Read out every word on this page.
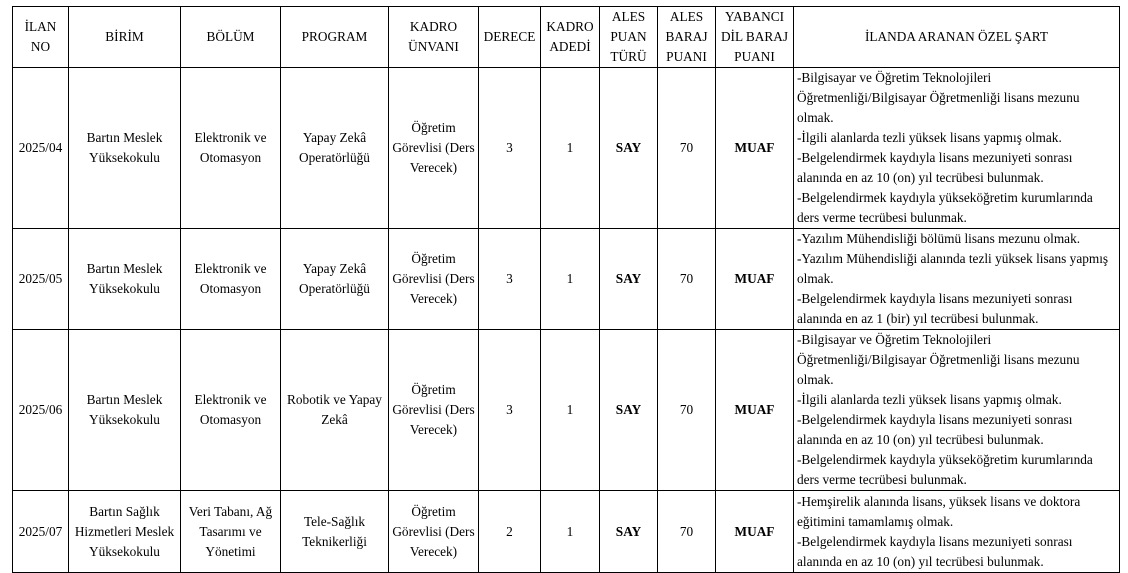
İLAN NO	BİRİM	BÖLÜM	PROGRAM	KADRO ÜNVANI	DERECE	KADRO ADEDİ	ALES PUAN TÜRÜ	ALES BARAJ PUANI	YABANCI DİL BARAJ PUANI	İLANDA ARANAN ÖZEL ŞART
2025/04	Bartın Meslek Yüksekokulu	Elektronik ve Otomasyon	Yapay Zekâ Operatörlüğü	Öğretim Görevlisi (Ders Verecek)	3	1	SAY	70	MUAF	-Bilgisayar ve Öğretim Teknolojileri Öğretmenliği/Bilgisayar Öğretmenliği lisans mezunu olmak.
-İlgili alanlarda tezli yüksek lisans yapmış olmak.
-Belgelendirmek kaydıyla lisans mezuniyeti sonrası alanında en az 10 (on) yıl tecrübesi bulunmak.
-Belgelendirmek kaydıyla yükseköğretim kurumlarında ders verme tecrübesi bulunmak.

2025/05	Bartın Meslek Yüksekokulu	Elektronik ve Otomasyon	Yapay Zekâ Operatörlüğü	Öğretim Görevlisi (Ders Verecek)	3	1	SAY	70	MUAF	-Yazılım Mühendisliği bölümü lisans mezunu olmak.
-Yazılım Mühendisliği alanında tezli yüksek lisans yapmış olmak.
-Belgelendirmek kaydıyla lisans mezuniyeti sonrası alanında en az 1 (bir) yıl tecrübesi bulunmak.

2025/06	Bartın Meslek Yüksekokulu	Elektronik ve Otomasyon	Robotik ve Yapay Zekâ	Öğretim Görevlisi (Ders Verecek)	3	1	SAY	70	MUAF	-Bilgisayar ve Öğretim Teknolojileri Öğretmenliği/Bilgisayar Öğretmenliği lisans mezunu olmak.
-İlgili alanlarda tezli yüksek lisans yapmış olmak.
-Belgelendirmek kaydıyla lisans mezuniyeti sonrası alanında en az 10 (on) yıl tecrübesi bulunmak.
-Belgelendirmek kaydıyla yükseköğretim kurumlarında ders verme tecrübesi bulunmak.

2025/07	Bartın Sağlık Hizmetleri Meslek Yüksekokulu	Veri Tabanı, Ağ Tasarımı ve Yönetimi	Tele-Sağlık Teknikerliği	Öğretim Görevlisi (Ders Verecek)	2	1	SAY	70	MUAF	-Hemşirelik alanında lisans, yüksek lisans ve doktora eğitimini tamamlamış olmak.
-Belgelendirmek kaydıyla lisans mezuniyeti sonrası alanında en az 10 (on) yıl tecrübesi bulunmak.
